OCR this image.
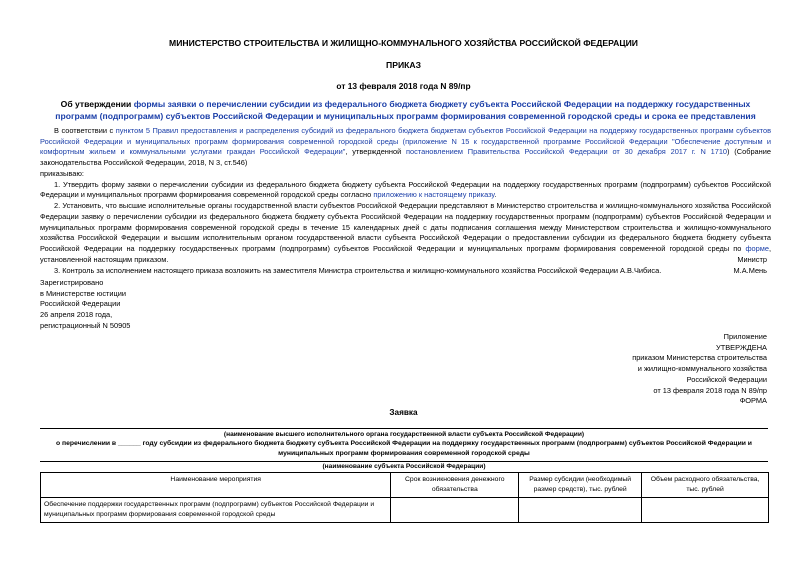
МИНИСТЕРСТВО СТРОИТЕЛЬСТВА И ЖИЛИЩНО-КОММУНАЛЬНОГО ХОЗЯЙСТВА РОССИЙСКОЙ ФЕДЕРАЦИИ
ПРИКАЗ
от 13 февраля 2018 года N 89/пр
Об утверждении формы заявки о перечислении субсидии из федерального бюджета бюджету субъекта Российской Федерации на поддержку государственных программ (подпрограмм) субъектов Российской Федерации и муниципальных программ формирования современной городской среды и срока ее представления

В соответствии с пунктом 5 Правил предоставления и распределения субсидий из федерального бюджета бюджетам субъектов Российской Федерации на поддержку государственных программ субъектов Российской Федерации и муниципальных программ формирования современной городской среды (приложение N 15 к государственной программе Российской Федерации "Обеспечение доступным и комфортным жильем и коммунальными услугами граждан Российской Федерации", утвержденной постановлением Правительства Российской Федерации от 30 декабря 2017 г. N 1710) (Собрание законодательства Российской Федерации, 2018, N 3, ст.546)

приказываю:

1. Утвердить форму заявки о перечислении субсидии из федерального бюджета бюджету субъекта Российской Федерации на поддержку государственных программ (подпрограмм) субъектов Российской Федерации и муниципальных программ формирования современной городской среды согласно приложению к настоящему приказу.

2. Установить, что высшие исполнительные органы государственной власти субъектов Российской Федерации представляют в Министерство строительства и жилищно-коммунального хозяйства Российской Федерации заявку о перечислении субсидии из федерального бюджета бюджету субъекта Российской Федерации на поддержку государственных программ (подпрограмм) субъектов Российской Федерации и муниципальных программ формирования современной городской среды в течение 15 календарных дней с даты подписания соглашения между Министерством строительства и жилищно-коммунального хозяйства Российской Федерации и высшим исполнительным органом государственной власти субъекта Российской Федерации о предоставлении субсидии из федерального бюджета бюджету субъекта Российской Федерации на поддержку государственных программ (подпрограмм) субъектов Российской Федерации и муниципальных программ формирования современной городской среды по форме, установленной настоящим приказом.

3. Контроль за исполнением настоящего приказа возложить на заместителя Министра строительства и жилищно-коммунального хозяйства Российской Федерации А.В.Чибиса.

Министр
М.А.Мень
Зарегистрировано
в Министерстве юстиции
Российской Федерации
26 апреля 2018 года,
регистрационный N 50905
Приложение
УТВЕРЖДЕНА
приказом Министерства строительства
и жилищно-коммунального хозяйства
Российской Федерации
от 13 февраля 2018 года N 89/пр
ФОРМА
Заявка
(наименование высшего исполнительного органа государственной власти субъекта Российской Федерации)
о перечислении в ______ году субсидии из федерального бюджета бюджету субъекта Российской Федерации на поддержку государственных программ (подпрограмм) субъектов Российской Федерации и
муниципальных программ формирования современной городской среды
(наименование субъекта Российской Федерации)
Наименование мероприятия	Срок возникновения денежного обязательства	Размер субсидии (необходимый размер средств), тыс. рублей	Объем расходного обязательства, тыс. рублей
Обеспечение поддержки государственных программ (подпрограмм) субъектов Российской Федерации и муниципальных программ формирования современной городской среды			
